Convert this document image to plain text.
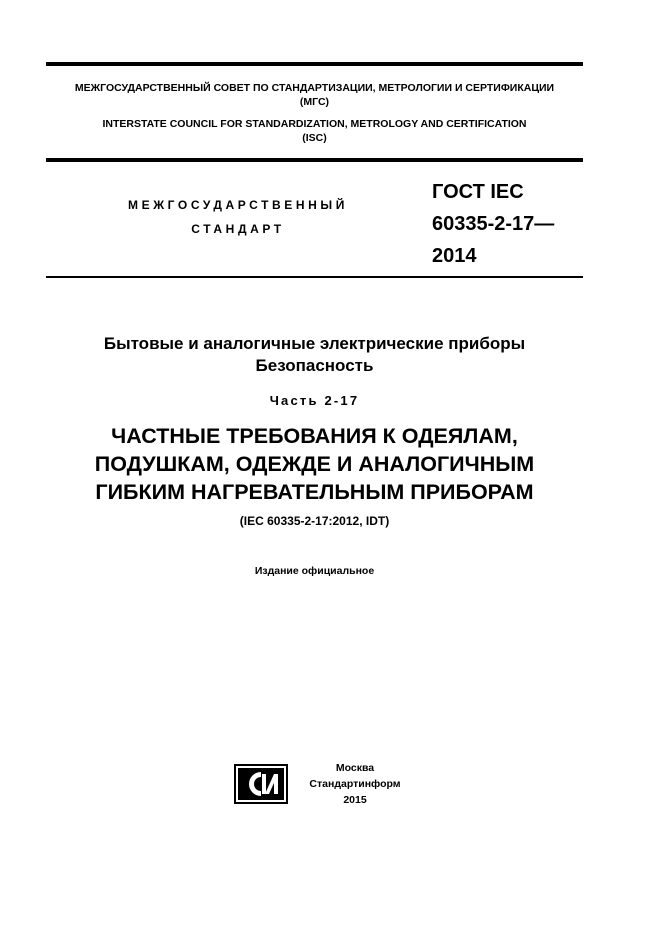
МЕЖГОСУДАРСТВЕННЫЙ СОВЕТ ПО СТАНДАРТИЗАЦИИ, МЕТРОЛОГИИ И СЕРТИФИКАЦИИ
(МГС)
INTERSTATE COUNCIL FOR STANDARDIZATION, METROLOGY AND CERTIFICATION
(ISC)
МЕЖГОСУДАРСТВЕННЫЙ
СТАНДАРТ
ГОСТ IEC
60335-2-17—
2014
Бытовые и аналогичные электрические приборы
Безопасность
Часть 2-17
ЧАСТНЫЕ ТРЕБОВАНИЯ К ОДЕЯЛАМ,
ПОДУШКАМ, ОДЕЖДЕ И АНАЛОГИЧНЫМ
ГИБКИМ НАГРЕВАТЕЛЬНЫМ ПРИБОРАМ
(IEC 60335-2-17:2012, IDT)
Издание официальное
Москва
Стандартинформ
2015
